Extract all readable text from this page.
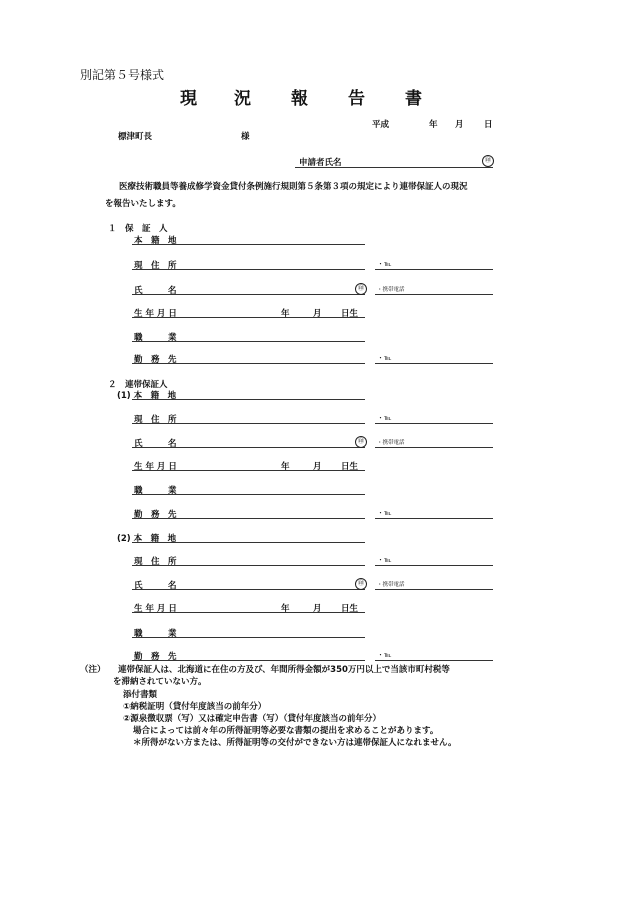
別記第５号様式
現 況 報 告 書
平成	年 月 日
標津町長	様
申請者氏名	㊞
医療技術職員等養成修学資金貸付条例施行規則第５条第３項の規定により連帯保証人の現況
を報告いたします。
１　保　証　人
本　籍　地
現　住　所	・℡
氏　　　名	㊞	・携帯電話
生 年 月 日	年	月 日生
職　　　業
勤　務　先	・℡
２　連帯保証人
(1) 本　籍　地
現　住　所	・℡
氏　　　名	㊞	・携帯電話
生 年 月 日	年	月 日生
職　　　業
勤　務　先	・℡
(2) 本　籍　地
現　住　所	・℡
氏　　　名	㊞	・携帯電話
生 年 月 日	年	月 日生
職　　　業
勤　務　先	・℡
（注） 連帯保証人は、北海道に在住の方及び、年間所得金額が350万円以上で当該市町村税等
を滞納されていない方。
添付書類
①納税証明（貸付年度該当の前年分）
②源泉徴収票（写）又は確定申告書（写）（貸付年度該当の前年分）
場合によっては前々年の所得証明等必要な書類の提出を求めることがあります。
＊所得がない方または、所得証明等の交付ができない方は連帯保証人になれません。
